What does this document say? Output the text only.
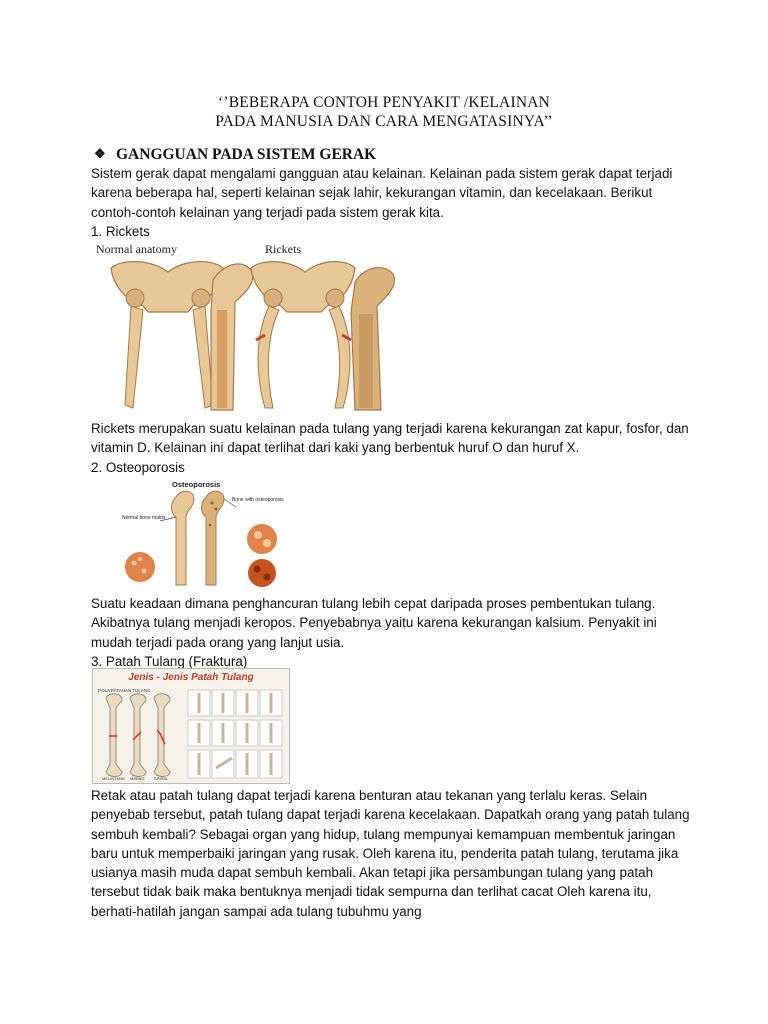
‘’BEBERAPA CONTOH PENYAKIT /KELAINAN
PADA MANUSIA DAN CARA MENGATASINYA’’
❖ GANGGUAN PADA SISTEM GERAK
Sistem gerak dapat mengalami gangguan atau kelainan. Kelainan pada sistem gerak dapat terjadi karena beberapa hal, seperti kelainan sejak lahir, kekurangan vitamin, dan kecelakaan. Berikut contoh-contoh kelainan yang terjadi pada sistem gerak kita.
1. Rickets
Normal anatomy	Rickets
Rickets merupakan suatu kelainan pada tulang yang terjadi karena kekurangan zat kapur, fosfor, dan vitamin D. Kelainan ini dapat terlihat dari kaki yang berbentuk huruf O dan huruf X.
2. Osteoporosis
Osteoporosis
Normal bone matrix
Bone with osteoporosis
Suatu keadaan dimana penghancuran tulang lebih cepat daripada proses pembentukan tulang. Akibatnya tulang menjadi keropos. Penyebabnya yaitu karena kekurangan kalsium. Penyakit ini mudah terjadi pada orang yang lanjut usia.
3. Patah Tulang (Fraktura)
Jenis - Jenis Patah Tulang
POLA PATAHAN TULANG
MELINTANG MIRING SPIRAL
Retak atau patah tulang dapat terjadi karena benturan atau tekanan yang terlalu keras. Selain penyebab tersebut, patah tulang dapat terjadi karena kecelakaan. Dapatkah orang yang patah tulang sembuh kembali? Sebagai organ yang hidup, tulang mempunyai kemampuan membentuk jaringan baru untuk memperbaiki jaringan yang rusak. Oleh karena itu, penderita patah tulang, terutama jika usianya masih muda dapat sembuh kembali. Akan tetapi jika persambungan tulang yang patah tersebut tidak baik maka bentuknya menjadi tidak sempurna dan terlihat cacat Oleh karena itu, berhati-hatilah jangan sampai ada tulang tubuhmu yang
